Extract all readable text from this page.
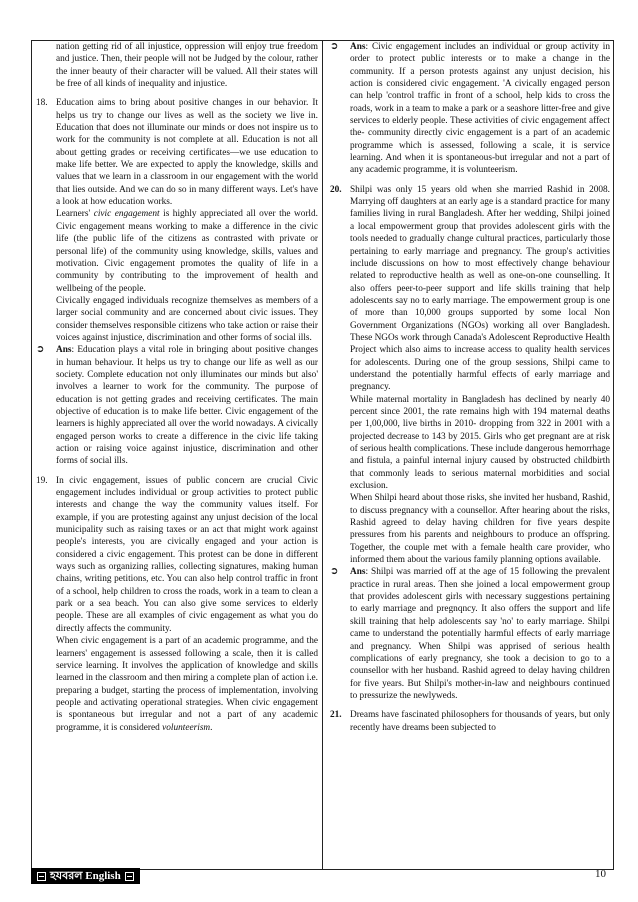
nation getting rid of all injustice, oppression will enjoy true freedom and justice. Then, their people will not be Judged by the colour, rather the inner beauty of their character will be valued. All their states will be free of all kinds of inequality and injustice.

18. Education aims to bring about positive changes in our behavior. It helps us try to change our lives as well as the society we live in. Education that does not illuminate our minds or does not inspire us to work for the community is not complete at all. Education is not all about getting grades or receiving certificates—we use education to make life better. We are expected to apply the knowledge, skills and values that we learn in a classroom in our engagement with the world that lies outside. And we can do so in many different ways. Let's have a look at how education works.

Learners' civic engagement is highly appreciated all over the world. Civic engagement means working to make a difference in the civic life (the public life of the citizens as contrasted with private or personal life) of the community using knowledge, skills, values and motivation. Civic engagement promotes the quality of life in a community by contributing to the improvement of health and wellbeing of the people.

Civically engaged individuals recognize themselves as members of a larger social community and are concerned about civic issues. They consider themselves responsible citizens who take action or raise their voices against injustice, discrimination and other forms of social ills.

➲ Ans: Education plays a vital role in bringing about positive changes in human behaviour. It helps us try to change our life as well as our society. Complete education not only illuminates our minds but also' involves a learner to work for the community. The purpose of education is not getting grades and receiving certificates. The main objective of education is to make life better. Civic engagement of the learners is highly appreciated all over the world nowadays. A civically engaged person works to create a difference in the civic life taking action or raising voice against injustice, discrimination and other forms of social ills.

19. In civic engagement, issues of public concern are crucial Civic engagement includes individual or group activities to protect public interests and change the way the community values itself. For example, if you are protesting against any unjust decision of the local municipality such as raising taxes or an act that might work against people's interests, you are civically engaged and your action is considered a civic engagement. This protest can be done in different ways such as organizing rallies, collecting signatures, making human chains, writing petitions, etc. You can also help control traffic in front of a school, help children to cross the roads, work in a team to clean a park or a sea beach. You can also give some services to elderly people. These are all examples of civic engagement as what you do directly affects the community.

When civic engagement is a part of an academic programme, and the learners' engagement is assessed following a scale, then it is called service learning. It involves the application of knowledge and skills learned in the classroom and then miring a complete plan of action i.e. preparing a budget, starting the process of implementation, involving people and activating operational strategies. When civic engagement is spontaneous but irregular and not a part of any academic programme, it is considered volunteerism.

➲ Ans: Civic engagement includes an individual or group activity in order to protect public interests or to make a change in the community. If a person protests against any unjust decision, his action is considered civic engagement. 'A civically engaged person can help 'control traffic in front of a school, help kids to cross the roads, work in a team to make a park or a seashore litter-free and give services to elderly people. These activities of civic engagement affect the- community directly civic engagement is a part of an academic programme which is assessed, following a scale, it is service learning. And when it is spontaneous-but irregular and not a part of any academic programme, it is volunteerism.

20. Shilpi was only 15 years old when she married Rashid in 2008. Marrying off daughters at an early age is a standard practice for many families living in rural Bangladesh. After her wedding, Shilpi joined a local empowerment group that provides adolescent girls with the tools needed to gradually change cultural practices, particularly those pertaining to early marriage and pregnancy. The group's activities include discussions on how to most effectively change behaviour related to reproductive health as well as one-on-one counselling. It also offers peer-to-peer support and life skills training that help adolescents say no to early marriage. The empowerment group is one of more than 10,000 groups supported by some local Non Government Organizations (NGOs) working all over Bangladesh. These NGOs work through Canada's Adolescent Reproductive Health Project which also aims to increase access to quality health services for adolescents. During one of the group sessions, Shilpi came to understand the potentially harmful effects of early marriage and pregnancy.

While maternal mortality in Bangladesh has declined by nearly 40 percent since 2001, the rate remains high with 194 maternal deaths per 1,00,000, live births in 2010- dropping from 322 in 2001 with a projected decrease to 143 by 2015. Girls who get pregnant are at risk of serious health complications. These include dangerous hemorrhage and fistula, a painful internal injury caused by obstructed childbirth that commonly leads to serious maternal morbidities and social exclusion.

When Shilpi heard about those risks, she invited her husband, Rashid, to discuss pregnancy with a counsellor. After hearing about the risks, Rashid agreed to delay having children for five years despite pressures from his parents and neighbours to produce an offspring. Together, the couple met with a female health care provider, who informed them about the various family planning options available.

➲ Ans: Shilpi was married off at the age of 15 following the prevalent practice in rural areas. Then she joined a local empowerment group that provides adolescent girls with necessary suggestions pertaining to early marriage and pregnqncy. It also offers the support and life skill training that help adolescents say 'no' to early marriage. Shilpi came to understand the potentially harmful effects of early marriage and pregnancy. When Shilpi was apprised of serious health complications of early pregnancy, she took a decision to go to a counsellor with her husband. Rashid agreed to delay having children for five years. But Shilpi's mother-in-law and neighbours continued to pressurize the newlyweds.

21. Dreams have fascinated philosophers for thousands of years, but only recently have dreams been subjected to

হযবরল English	10
